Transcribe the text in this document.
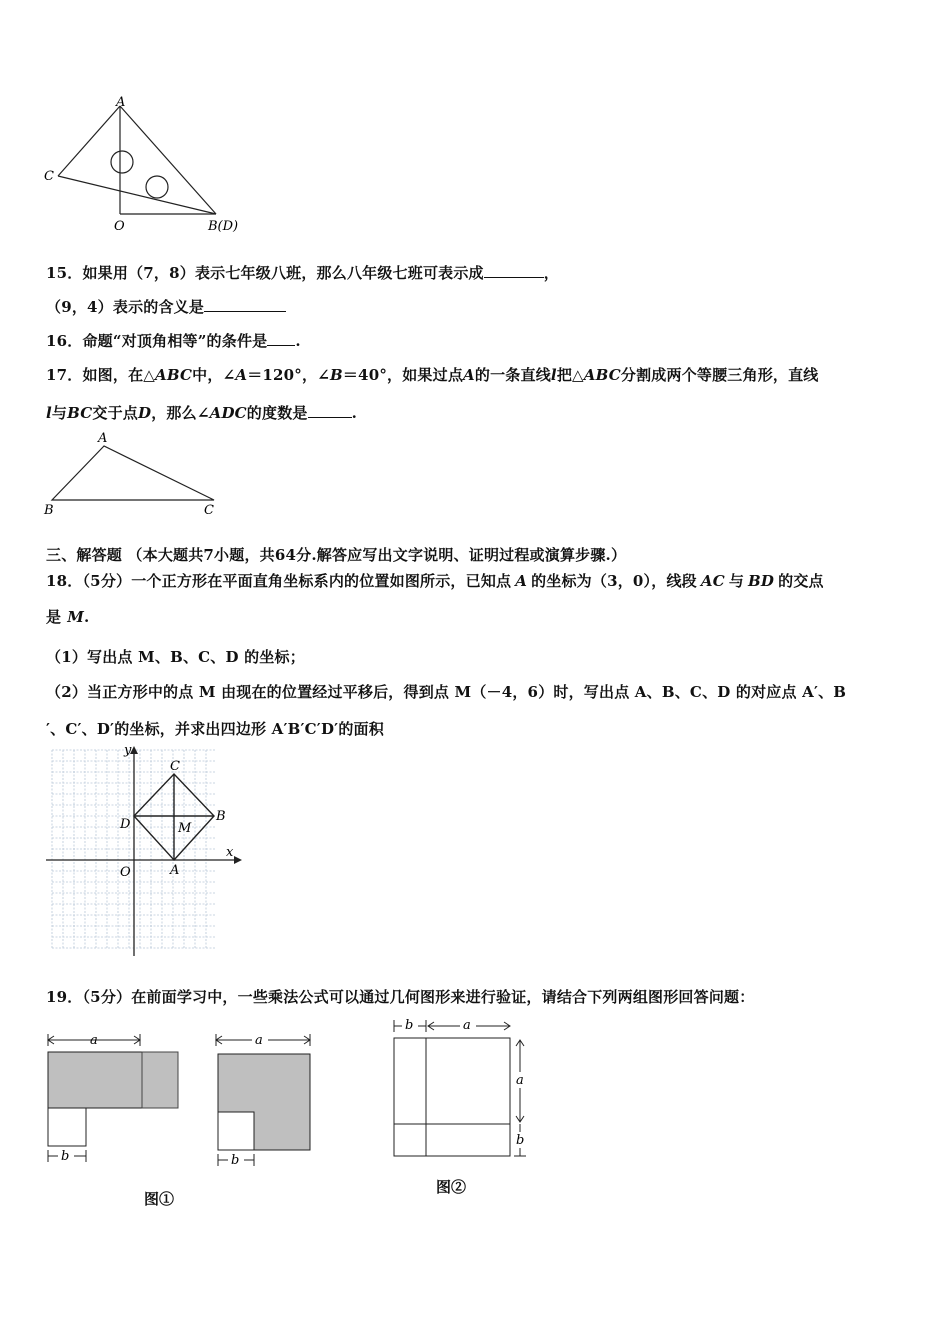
A
C
O	B(D)
15．如果用（7，8）表示七年级八班，那么八年级七班可表示成	，
（9，4）表示的含义是
16．命题“对顶角相等”的条件是 .
17．如图，在△ABC中，∠A＝120°，∠B＝40°，如果过点A的一条直线l把△ABC分割成两个等腰三角形，直线
l与BC交于点D，那么∠ADC的度数是	.
A
B	C
三、解答题 （本大题共7小题，共64分.解答应写出文字说明、证明过程或演算步骤.）
18．（5分）一个正方形在平面直角坐标系内的位置如图所示，已知点 A 的坐标为（3，0），线段 AC 与 BD 的交点
是 M.
（1）写出点 M、B、C、D 的坐标；
（2）当正方形中的点 M 由现在的位置经过平移后，得到点 M（－4，6）时，写出点 A、B、C、D 的对应点 A′、B
′、C′、D′的坐标，并求出四边形 A′B′C′D′的面积
y
x
O	A
B
C
D	M
19．（5分）在前面学习中，一些乘法公式可以通过几何图形来进行验证，请结合下列两组图形回答问题：
a
b
a
b
图①
b	a
a
b
图②
